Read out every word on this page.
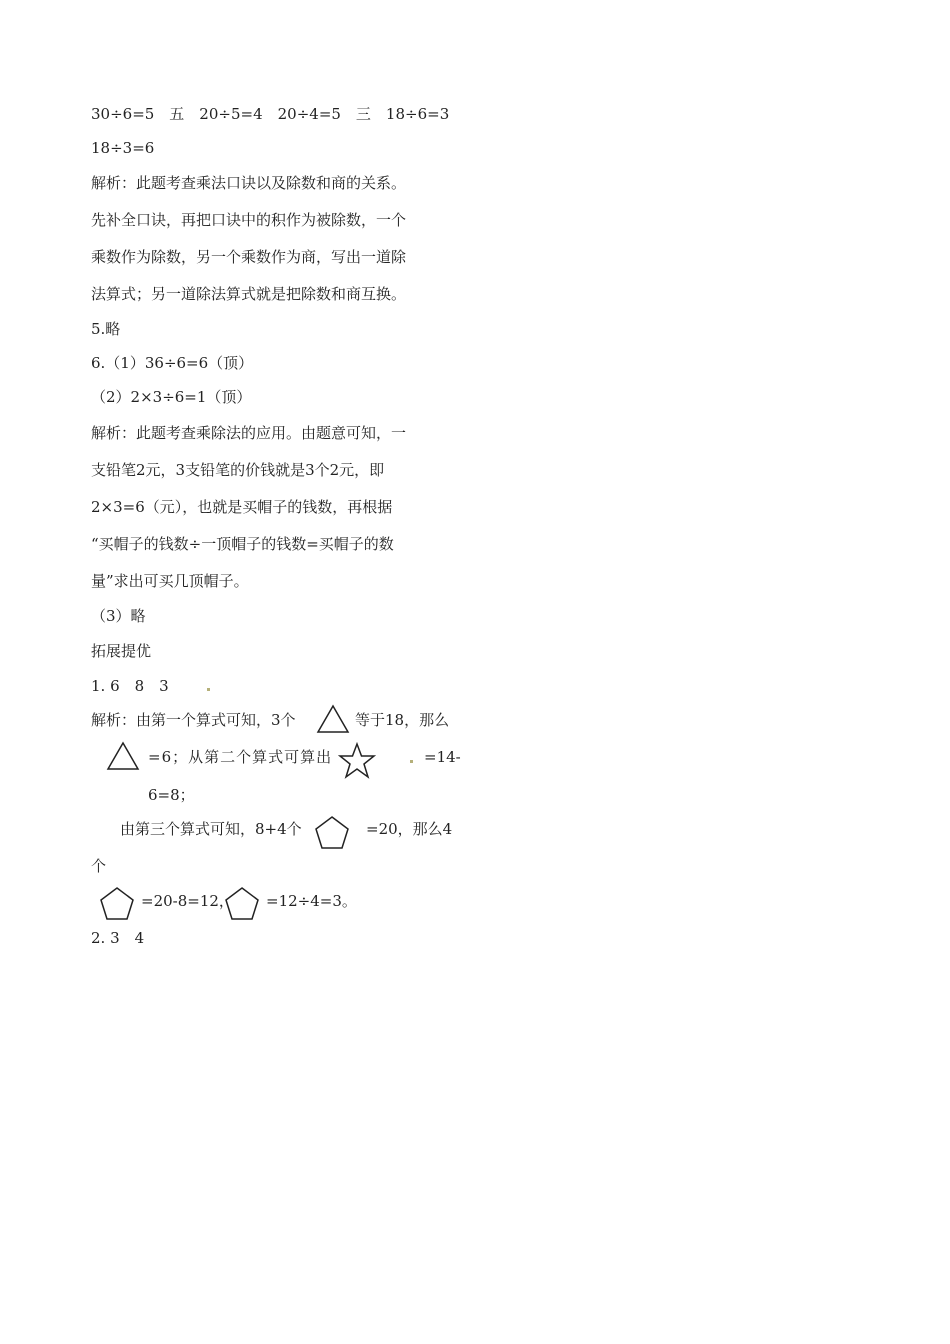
30÷6=5　五　20÷5=4　20÷4=5　三　18÷6=3
18÷3=6
解析：此题考查乘法口诀以及除数和商的关系。
先补全口诀，再把口诀中的积作为被除数，一个
乘数作为除数，另一个乘数作为商，写出一道除
法算式；另一道除法算式就是把除数和商互换。
5.略
6.（1）36÷6=6（顶）
（2）2×3÷6=1（顶）
解析：此题考查乘除法的应用。由题意可知，一
支铅笔2元，3支铅笔的价钱就是3个2元，即
2×3=6（元），也就是买帽子的钱数，再根据
“买帽子的钱数÷一顶帽子的钱数=买帽子的数
量”求出可买几顶帽子。
（3）略
拓展提优
1. 6　8　3
解析：由第一个算式可知，3个	等于18，那么
=6；从第二个算式可算出	=14-
6=8；
由第三个算式可知，8+4个	=20，那么4
个
=20-8=12， =12÷4=3。
2. 3　4
